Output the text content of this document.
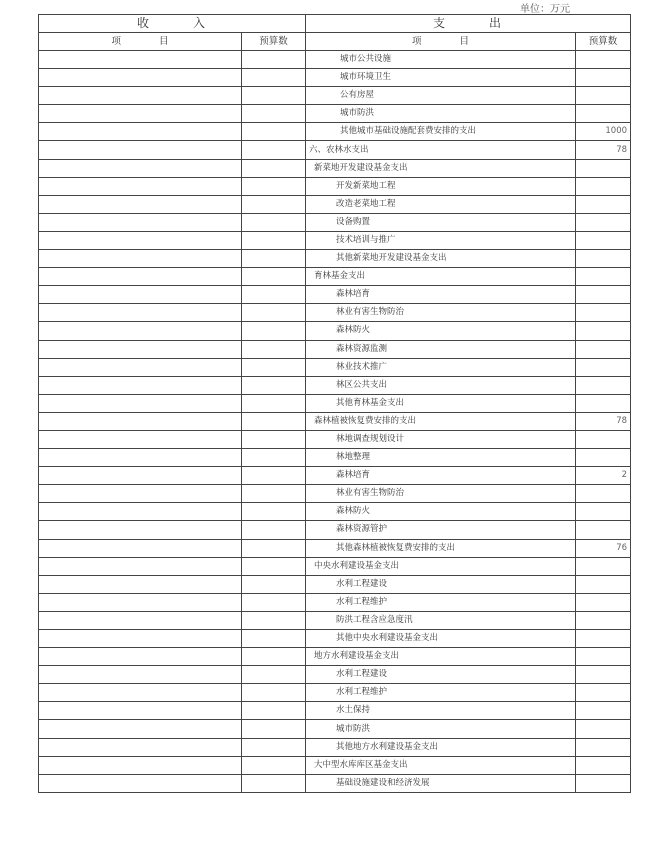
单位：万元
收　　　入		支　　　出	
项　　　　目	预算数	项　　　　目	预算数
		城市公共设施	
		城市环境卫生	
		公有房屋	
		城市防洪	
		其他城市基础设施配套费安排的支出	1000
		六、农林水支出	78
		新菜地开发建设基金支出	
		开发新菜地工程	
		改造老菜地工程	
		设备购置	
		技术培训与推广	
		其他新菜地开发建设基金支出	
		育林基金支出	
		森林培育	
		林业有害生物防治	
		森林防火	
		森林资源监测	
		林业技术推广	
		林区公共支出	
		其他育林基金支出	
		森林植被恢复费安排的支出	78
		林地调查规划设计	
		林地整理	
		森林培育	2
		林业有害生物防治	
		森林防火	
		森林资源管护	
		其他森林植被恢复费安排的支出	76
		中央水利建设基金支出	
		水利工程建设	
		水利工程维护	
		防洪工程含应急度汛	
		其他中央水利建设基金支出	
		地方水利建设基金支出	
		水利工程建设	
		水利工程维护	
		水土保持	
		城市防洪	
		其他地方水利建设基金支出	
		大中型水库库区基金支出	
		基础设施建设和经济发展	
